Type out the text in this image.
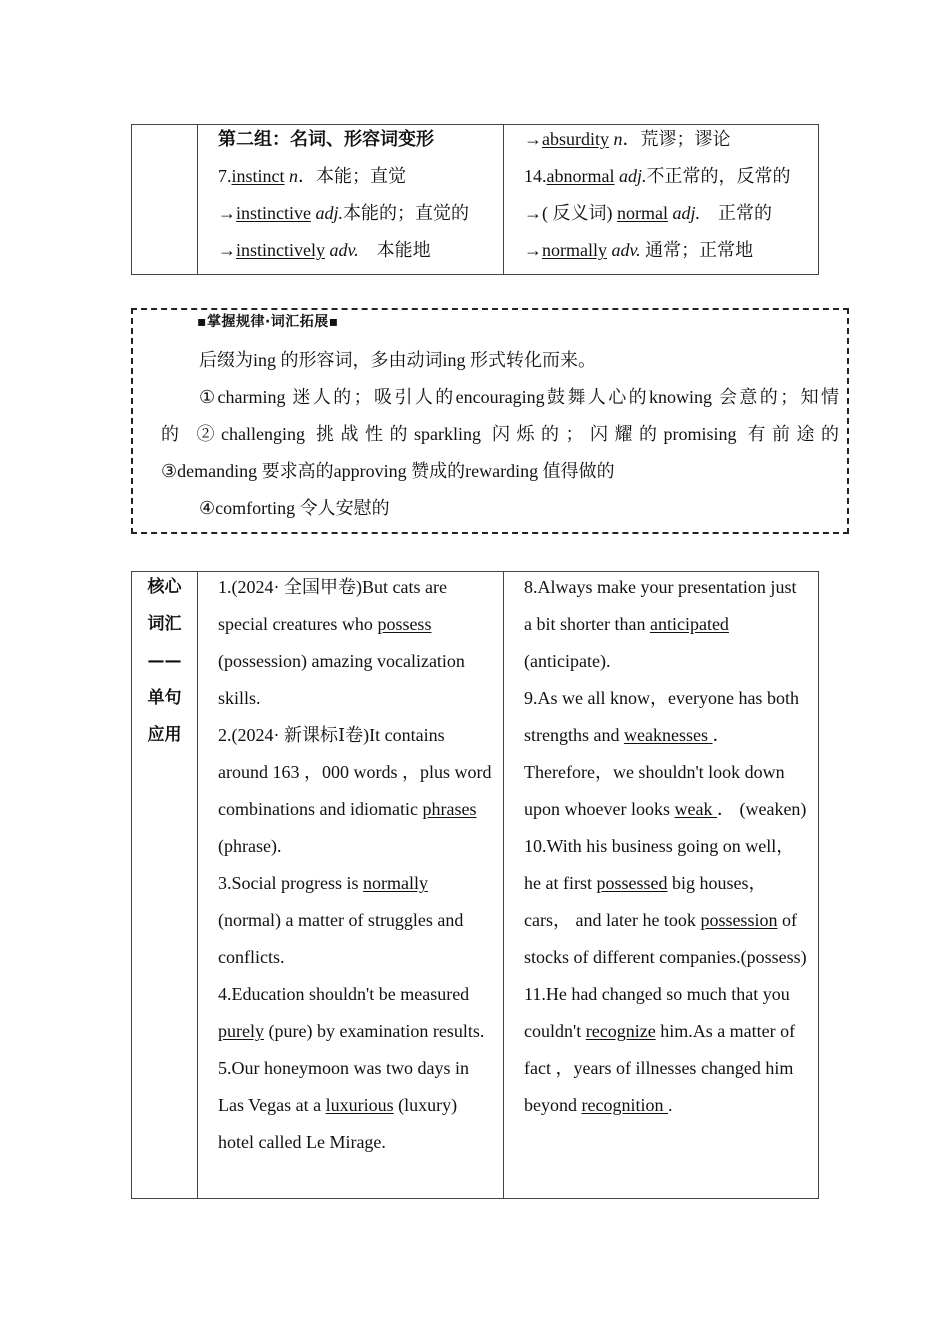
第二组：名词、形容词变形
7.instinct n．本能；直觉
→instinctive adj.本能的；直觉的
→instinctively adv.　 本能地

→absurdity n．荒谬；谬论
14.abnormal adj.不正常的，反常的
→( 反义词) normal adj.　 正常的
→normally adv. 通常；正常地
▪掌握规律·词汇拓展▪

后缀为ing 的形容词，多由动词ing 形式转化而来。

①charming 迷人的；吸引人的encouraging鼓舞人心的knowing 会意的；知情

的 ②challenging 挑战性的sparkling 闪烁的；闪耀的promising 有前途的

③demanding 要求高的approving 赞成的rewarding 值得做的

④comforting 令人安慰的

核心
词汇
——
单句
应用

1.(2024· 全国甲卷)But cats are special creatures who possess (possession) amazing vocalization skills.

2.(2024· 新课标Ⅰ卷)It contains around 163 ，000 words ，plus word combinations and idiomatic phrases (phrase).

3.Social progress is normally (normal) a matter of struggles and conflicts.

4.Education shouldn't be measured purely (pure) by examination results.

5.Our honeymoon was two days in Las Vegas at a luxurious (luxury) hotel called Le Mirage.

8.Always make your presentation just a bit shorter than anticipated (anticipate).

9.As we all know，everyone has both strengths and weaknesses ． Therefore，we shouldn't look down upon whoever looks weak ． (weaken)

10.With his business going on well， he at first possessed big houses， cars， and later he took possession of stocks of different companies.(possess)

11.He had changed so much that you couldn't recognize him.As a matter of fact ，years of illnesses changed him beyond recognition .
